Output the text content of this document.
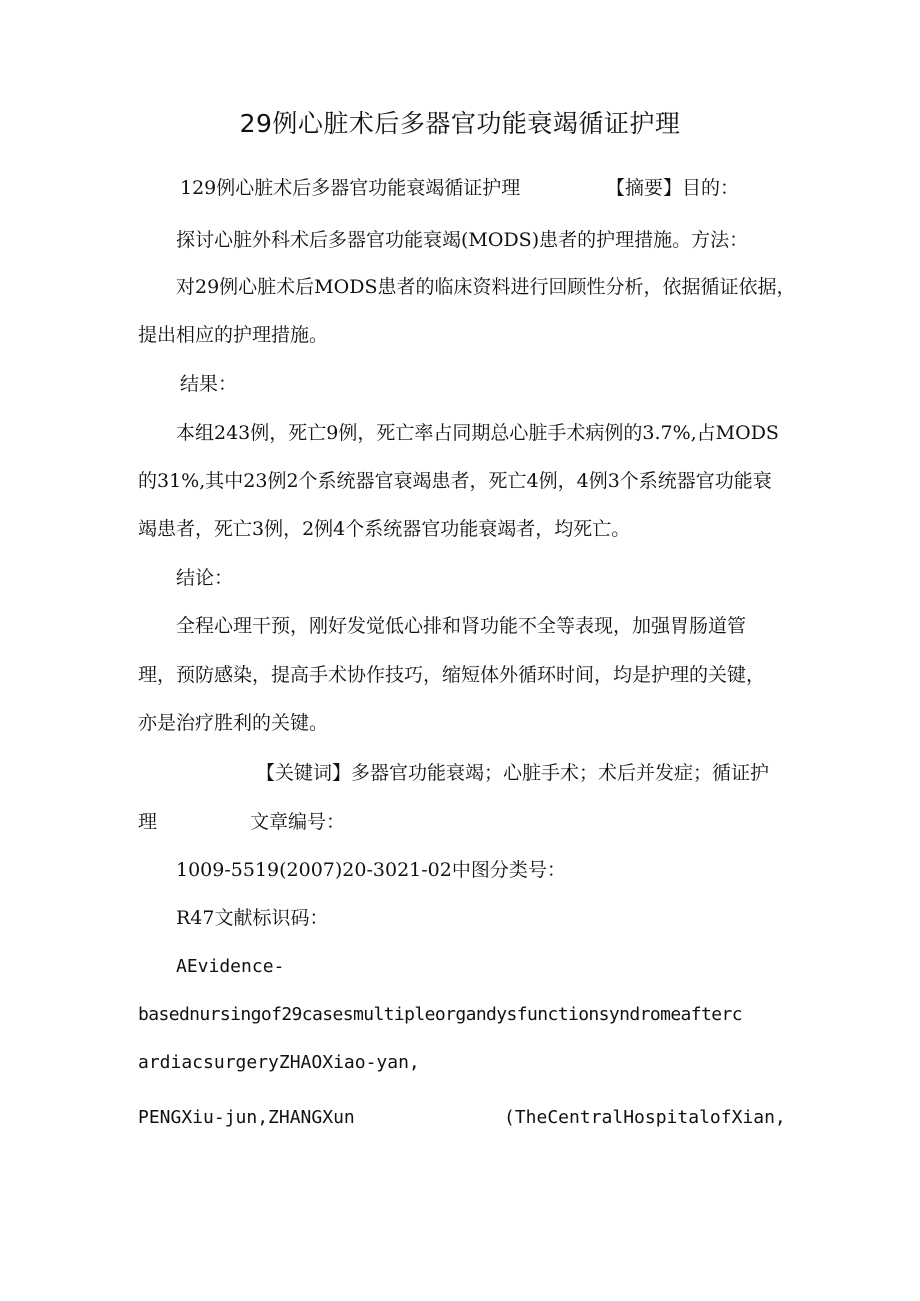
29例心脏术后多器官功能衰竭循证护理
129例心脏术后多器官功能衰竭循证护理	【摘要】目的：
探讨心脏外科术后多器官功能衰竭(MODS)患者的护理措施。方法：
对29例心脏术后MODS患者的临床资料进行回顾性分析，依据循证依据，
提出相应的护理措施。
结果：
本组243例，死亡9例，死亡率占同期总心脏手术病例的3.7%,占MODS
的31%,其中23例2个系统器官衰竭患者，死亡4例，4例3个系统器官功能衰
竭患者，死亡3例，2例4个系统器官功能衰竭者，均死亡。
结论：
全程心理干预，刚好发觉低心排和肾功能不全等表现，加强胃肠道管
理，预防感染，提高手术协作技巧，缩短体外循环时间，均是护理的关键，
亦是治疗胜利的关键。
【关键词】多器官功能衰竭；心脏手术；术后并发症；循证护
理	文章编号：
1009-5519(2007)20-3021-02中图分类号：
R47文献标识码：
AEvidence-
basednursingof29casesmultipleorgandysfunctionsyndromeafterc
ardiacsurgeryZHAOXiao-yan,
PENGXiu-jun,ZHANGXun	(TheCentralHospitalofXian,
